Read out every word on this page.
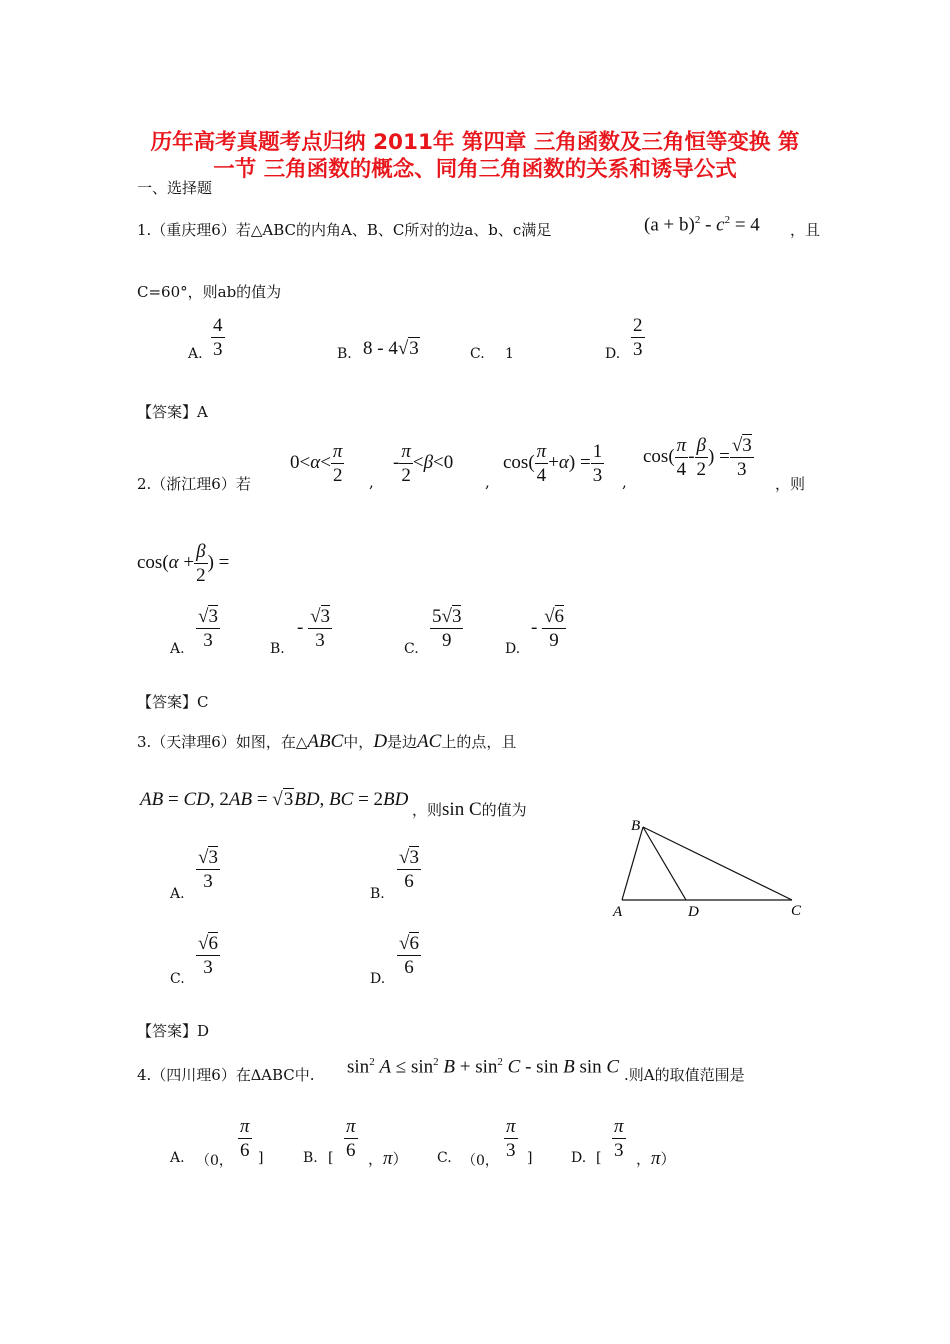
历年高考真题考点归纳 2011年 第四章 三角函数及三角恒等变换 第
一节 三角函数的概念、同角三角函数的关系和诱导公式
一、选择题
1.（重庆理6）若△ABC的内角A、B、C所对的边a、b、c满足	$(a + b)^2 - c^2 = 4$ ，且
C=60°，则ab的值为
A. $\frac{4}{3}$	B. 8 - 4√3	C. 1	D. $\frac{2}{3}$
【答案】A
2.（浙江理6）若
$0<\alpha< \frac{\pi}{2}$ ,
- $\frac{\pi}{2} <\beta<0$
,
$\cos( \frac{\pi}{4} +\alpha) = \frac{1}{3}$ ,
$\cos( \frac{\pi}{4} - \frac{\beta}{2}$ ) = $\frac{√3}{3}$
，则
$\cos(\alpha + \frac{\beta}{2}$ ) =
A. $\frac{√3}{3}$	B.
- $\frac{√3}{3}$	C. $\frac{5√3}{9}$	D.
- $\frac{√6}{9}$
【答案】C
3.（天津理6）如图，在△ABC中，D是边AC上的点，且
AB = CD, 2AB = √3BD, BC = 2BD ，则sin C的值为
A.
$\frac{√3}{3}$
B.
$\frac{√3}{6}$
C.
$\frac{√6}{3}$
D.
$\frac{√6}{6}$
B
A	D	C
【答案】D
4.（四川理6）在ΔABC中. $\sin^2 A \le \sin^2 B + \sin^2 C - \sin B$ sin C .则A的取值范围是
A. （0，
$\frac{\pi}{6}$ ]	B. [ $\frac{\pi}{6}$ ，π） C. （0，
$\frac{\pi}{3}$ ]	D. [ $\frac{\pi}{3}$ ，π）
